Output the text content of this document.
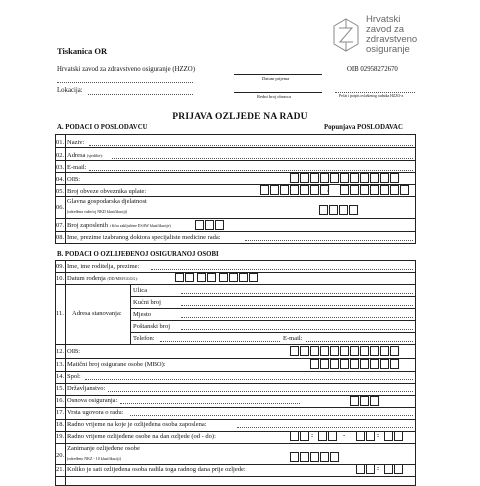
Hrvatski
zavod za
zdravstveno
osiguranje
Tiskanica OR
Hrvatski zavod za zdravstveno osiguranje (HZZO)
Datum prijema
OIB 02958272670
Lokacija:
Redni broj obrasca	Pečat i potpis ovlaštenog radnika HZZO-a
PRIJAVA OZLJEDE NA RADU
A. PODACI O POSLODAVCU	Popunjava POSLODAVAC
01. Naziv:
02. Adresa (sjedište):
03. E-mail:
04. OIB:
05. Broj obveze obveznika uplate:	/
06.
Glavna gospodarska djelatnost
(određena važećoj NKD klasifikaciji)
07. Broj zaposlenih i šifra zaključene ESAW klasifikacije)
08. Ime, prezime izabranog doktora specijaliste medicine rada:
B. PODACI O OZLIJEĐENOJ OSIGURANOJ OSOBI
09. Ime, ime roditelja, prezime:
10. Datum rođenja (DD/MM/GGGG):
11. Adresa stanovanja:
Ulica
Kućni broj
Mjesto
Poštanski broj
Telefon:	E-mail:
12. OIB:
13. Matični broj osigurane osobe (MBO):
14. Spol:
15. Državljanstvo:
16. Osnova osiguranja:
17. Vrsta ugovora o radu:
18. Radno vrijeme na koje je ozlijeđena osoba zaposlena:
19. Radno vrijeme ozlijeđene osobe na dan ozljede (od - do):	:	-	:
20.
Zanimanje ozlijeđene osobe
(određeno NKZ - 10 klasifikaciji)
21. Koliko je sati ozlijeđena osoba radila toga radnog dana prije ozljede:	:
